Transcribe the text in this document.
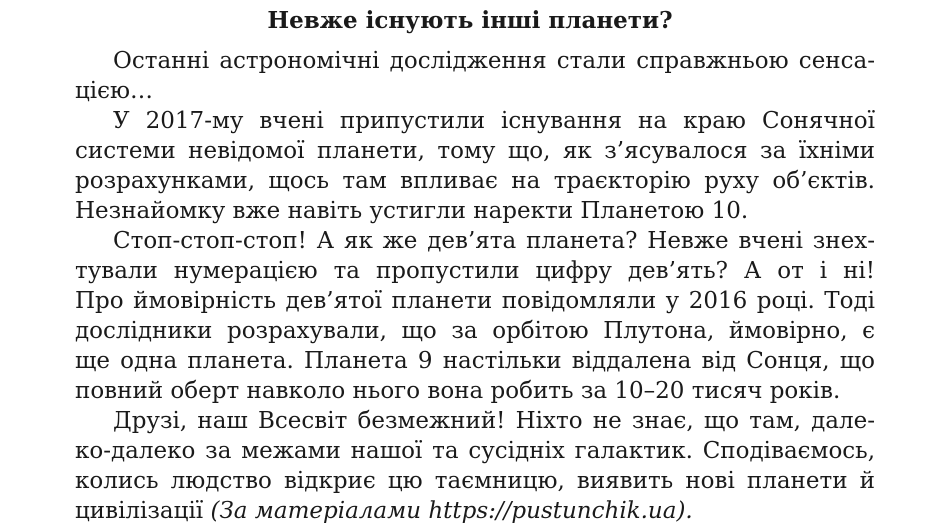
Невже існують інші планети?
Останні астрономічні дослідження стали справжньою сенса-
цією…
У 2017-му вчені припустили існування на краю Сонячної
системи невідомої планети, тому що, як з’ясувалося за їхніми
розрахунками, щось там впливає на траєкторію руху об’єктів.
Незнайомку вже навіть устигли наректи Планетою 10.
Стоп-стоп-стоп! А як же дев’ята планета? Невже вчені знех-
тували нумерацією та пропустили цифру дев’ять? А от і ні!
Про ймовірність дев’ятої планети повідомляли у 2016 році. Тоді
дослідники розрахували, що за орбітою Плутона, ймовірно, є
ще одна планета. Планета 9 настільки віддалена від Сонця, що
повний оберт навколо нього вона робить за 10–20 тисяч років.
Друзі, наш Всесвіт безмежний! Ніхто не знає, що там, дале-
ко-далеко за межами нашої та сусідніх галактик. Сподіваємось,
колись людство відкриє цю таємницю, виявить нові планети й
цивілізації (За матеріалами https://pustunchik.ua).
